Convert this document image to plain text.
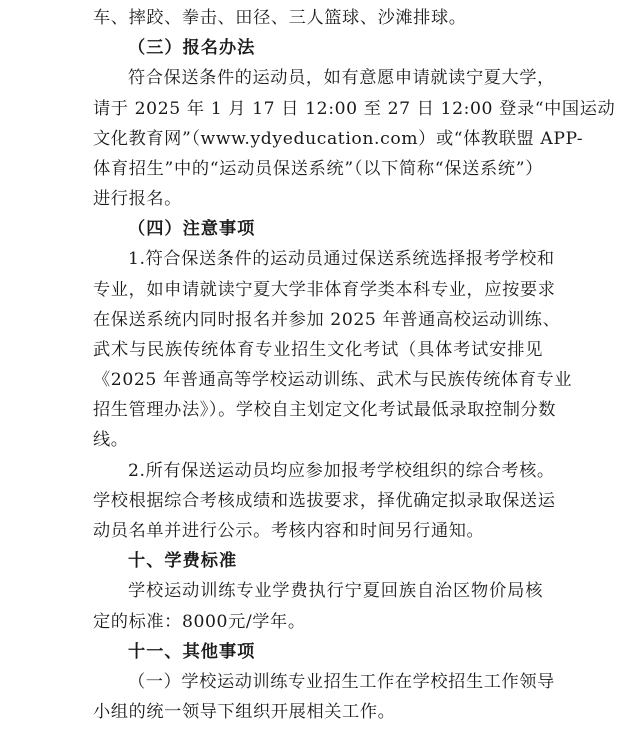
车、摔跤、拳击、田径、三人篮球、沙滩排球。
（三）报名办法
符合保送条件的运动员，如有意愿申请就读宁夏大学，
请于 2025 年 1 月 17 日 12:00 至 27 日 12:00 登录“中国运动
文化教育网”（www.ydyeducation.com）或“体教联盟 APP-
体育招生”中的“运动员保送系统”（以下简称“保送系统”）
进行报名。
（四）注意事项
1.符合保送条件的运动员通过保送系统选择报考学校和
专业，如申请就读宁夏大学非体育学类本科专业，应按要求
在保送系统内同时报名并参加 2025 年普通高校运动训练、
武术与民族传统体育专业招生文化考试（具体考试安排见
《2025 年普通高等学校运动训练、武术与民族传统体育专业
招生管理办法》）。学校自主划定文化考试最低录取控制分数
线。
2.所有保送运动员均应参加报考学校组织的综合考核。
学校根据综合考核成绩和选拔要求，择优确定拟录取保送运
动员名单并进行公示。考核内容和时间另行通知。
十、学费标准
学校运动训练专业学费执行宁夏回族自治区物价局核
定的标准：8000元/学年。
十一、其他事项
（一）学校运动训练专业招生工作在学校招生工作领导
小组的统一领导下组织开展相关工作。
